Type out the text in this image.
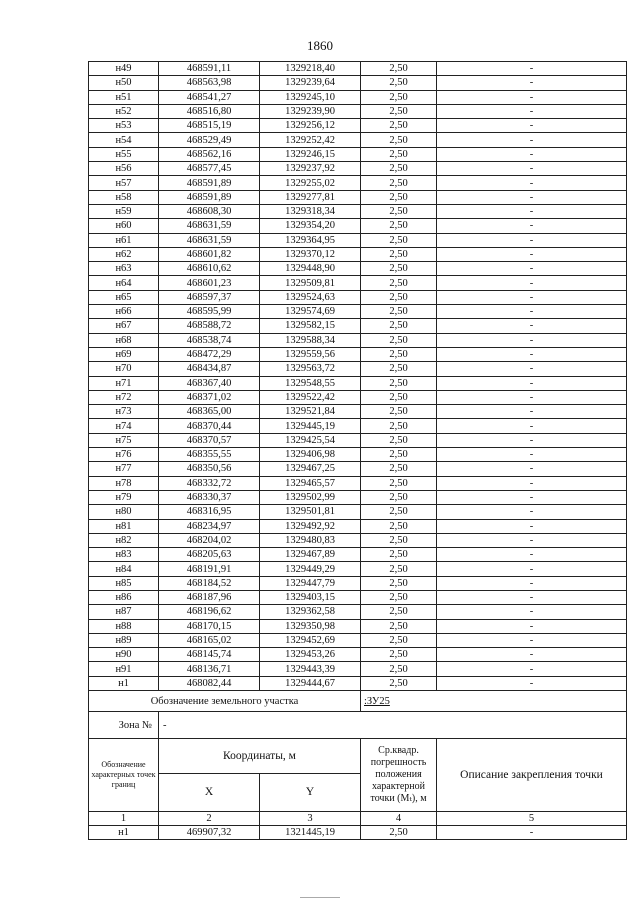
1860
н49	468591,11	1329218,40	2,50	-
н50	468563,98	1329239,64	2,50	-
н51	468541,27	1329245,10	2,50	-
н52	468516,80	1329239,90	2,50	-
н53	468515,19	1329256,12	2,50	-
н54	468529,49	1329252,42	2,50	-
н55	468562,16	1329246,15	2,50	-
н56	468577,45	1329237,92	2,50	-
н57	468591,89	1329255,02	2,50	-
н58	468591,89	1329277,81	2,50	-
н59	468608,30	1329318,34	2,50	-
н60	468631,59	1329354,20	2,50	-
н61	468631,59	1329364,95	2,50	-
н62	468601,82	1329370,12	2,50	-
н63	468610,62	1329448,90	2,50	-
н64	468601,23	1329509,81	2,50	-
н65	468597,37	1329524,63	2,50	-
н66	468595,99	1329574,69	2,50	-
н67	468588,72	1329582,15	2,50	-
н68	468538,74	1329588,34	2,50	-
н69	468472,29	1329559,56	2,50	-
н70	468434,87	1329563,72	2,50	-
н71	468367,40	1329548,55	2,50	-
н72	468371,02	1329522,42	2,50	-
н73	468365,00	1329521,84	2,50	-
н74	468370,44	1329445,19	2,50	-
н75	468370,57	1329425,54	2,50	-
н76	468355,55	1329406,98	2,50	-
н77	468350,56	1329467,25	2,50	-
н78	468332,72	1329465,57	2,50	-
н79	468330,37	1329502,99	2,50	-
н80	468316,95	1329501,81	2,50	-
н81	468234,97	1329492,92	2,50	-
н82	468204,02	1329480,83	2,50	-
н83	468205,63	1329467,89	2,50	-
н84	468191,91	1329449,29	2,50	-
н85	468184,52	1329447,79	2,50	-
н86	468187,96	1329403,15	2,50	-
н87	468196,62	1329362,58	2,50	-
н88	468170,15	1329350,98	2,50	-
н89	468165,02	1329452,69	2,50	-
н90	468145,74	1329453,26	2,50	-
н91	468136,71	1329443,39	2,50	-
н1	468082,44	1329444,67	2,50	-
Обозначение земельного участка			:ЗУ25	
Зона №	-			
Обозначение характерных точек границ	Координаты, м		Ср.квадр. погрешность положения характерной точки (Мₜ), м	Описание закрепления точки
	X	Y		
1	2	3	4	5
н1	469907,32	1321445,19	2,50	-
